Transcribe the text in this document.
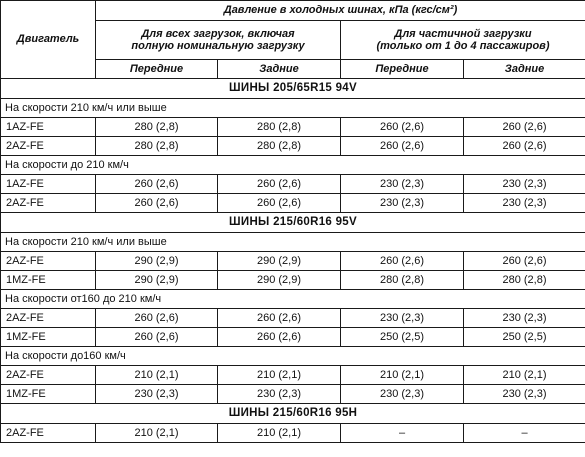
Двигатель	Давление в холодных шинах, кПа (кгс/см²)			
	Для всех загрузок, включая
полную номинальную загрузку		Для частичной загрузки
(только от 1 до 4 пассажиров)	
	Передние	Задние	Передние	Задние
ШИНЫ 205/65R15 94V				
На скорости 210 км/ч или выше				
1AZ-FE	280 (2,8)	280 (2,8)	260 (2,6)	260 (2,6)
2AZ-FE	280 (2,8)	280 (2,8)	260 (2,6)	260 (2,6)
На скорости до 210 км/ч				
1AZ-FE	260 (2,6)	260 (2,6)	230 (2,3)	230 (2,3)
2AZ-FE	260 (2,6)	260 (2,6)	230 (2,3)	230 (2,3)
ШИНЫ 215/60R16 95V				
На скорости 210 км/ч или выше				
2AZ-FE	290 (2,9)	290 (2,9)	260 (2,6)	260 (2,6)
1MZ-FE	290 (2,9)	290 (2,9)	280 (2,8)	280 (2,8)
На скорости от160 до 210 км/ч				
2AZ-FE	260 (2,6)	260 (2,6)	230 (2,3)	230 (2,3)
1MZ-FE	260 (2,6)	260 (2,6)	250 (2,5)	250 (2,5)
На скорости до160 км/ч				
2AZ-FE	210 (2,1)	210 (2,1)	210 (2,1)	210 (2,1)
1MZ-FE	230 (2,3)	230 (2,3)	230 (2,3)	230 (2,3)
ШИНЫ 215/60R16 95H				
2AZ-FE	210 (2,1)	210 (2,1)	–	–
